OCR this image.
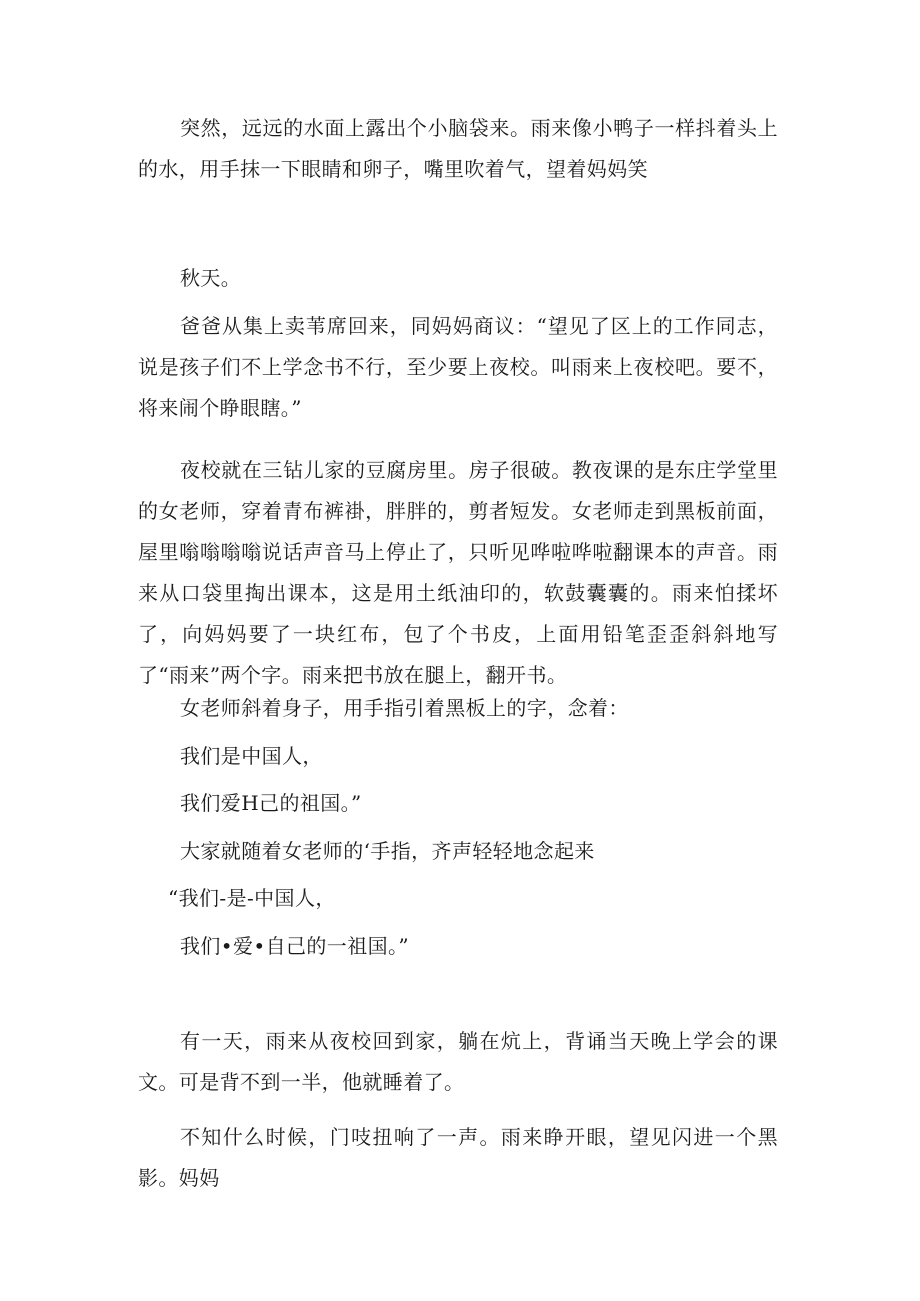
突然，远远的水面上露出个小脑袋来。雨来像小鸭子一样抖着头上的水，用手抹一下眼睛和卵子，嘴里吹着气，望着妈妈笑

秋天。

爸爸从集上卖苇席回来，同妈妈商议：“望见了区上的工作同志，说是孩子们不上学念书不行，至少要上夜校。叫雨来上夜校吧。要不，将来闹个睁眼瞎。”

夜校就在三钻儿家的豆腐房里。房子很破。教夜课的是东庄学堂里的女老师，穿着青布裤褂，胖胖的，剪者短发。女老师走到黑板前面，屋里嗡嗡嗡嗡说话声音马上停止了，只听见哗啦哗啦翻课本的声音。雨来从口袋里掏出课本，这是用土纸油印的，软鼓囊囊的。雨来怕揉坏了，向妈妈要了一块红布，包了个书皮，上面用铅笔歪歪斜斜地写了“雨来”两个字。雨来把书放在腿上，翻开书。

女老师斜着身子，用手指引着黑板上的字，念着：

我们是中国人，

我们爱H己的祖国。”

大家就随着女老师的‘手指，齐声轻轻地念起来

“我们-是-中国人，

我们•爱•自己的一祖国。”

有一天，雨来从夜校回到家，躺在炕上，背诵当天晚上学会的课文。可是背不到一半，他就睡着了。

不知什么时候，门吱扭响了一声。雨来睁开眼，望见闪进一个黑影。妈妈
